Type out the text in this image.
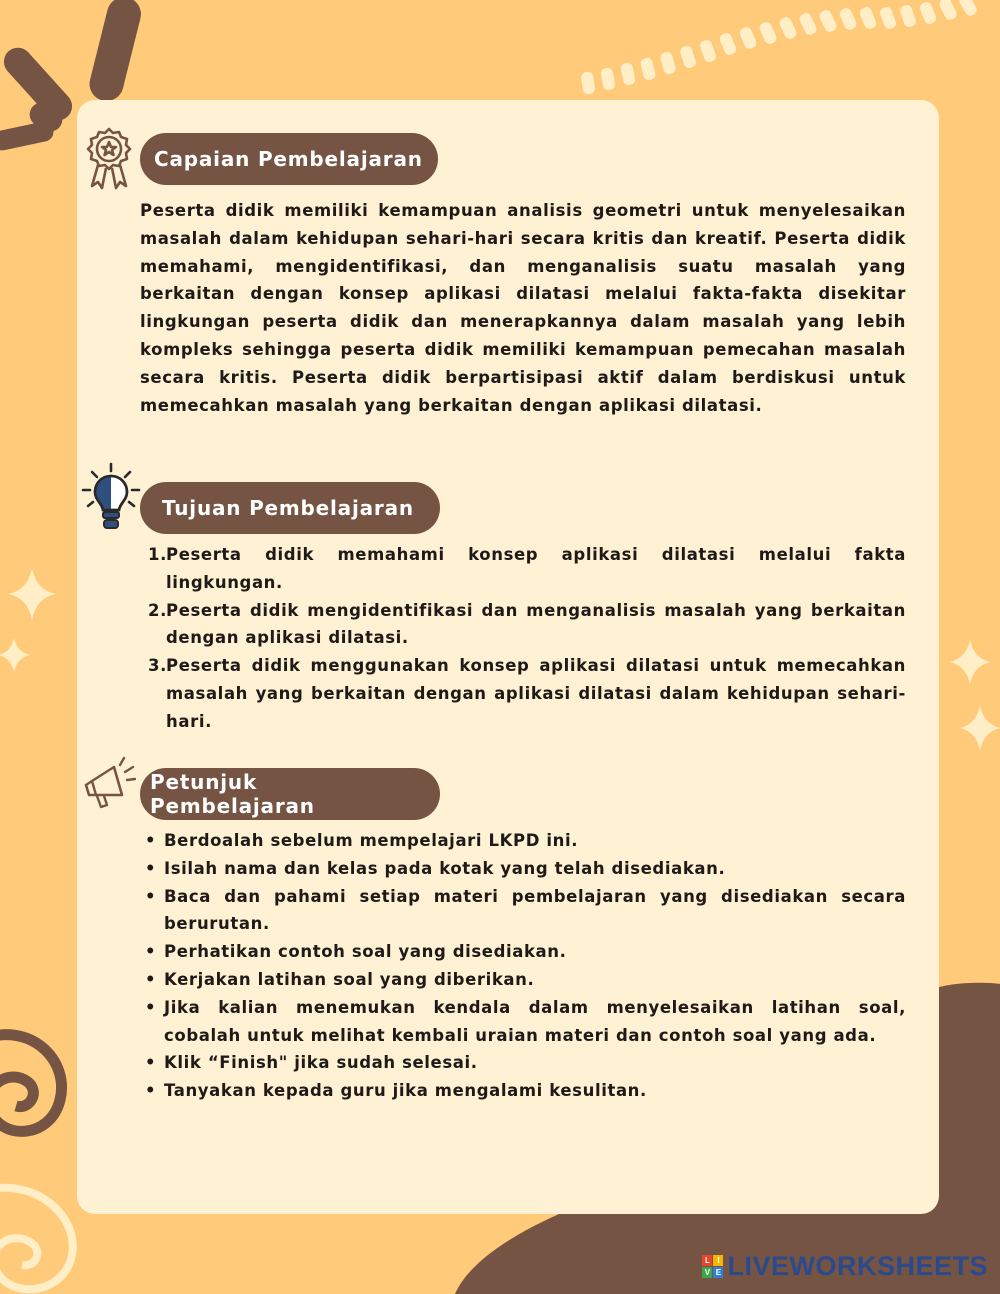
Capaian Pembelajaran

Peserta didik memiliki kemampuan analisis geometri untuk menyelesaikan masalah dalam kehidupan sehari-hari secara kritis dan kreatif. Peserta didik memahami, mengidentifikasi, dan menganalisis suatu masalah yang berkaitan dengan konsep aplikasi dilatasi melalui fakta-fakta disekitar lingkungan peserta didik dan menerapkannya dalam masalah yang lebih kompleks sehingga peserta didik memiliki kemampuan pemecahan masalah secara kritis. Peserta didik berpartisipasi aktif dalam berdiskusi untuk memecahkan masalah yang berkaitan dengan aplikasi dilatasi.

Tujuan Pembelajaran
1. Peserta didik memahami konsep aplikasi dilatasi melalui fakta lingkungan.
2. Peserta didik mengidentifikasi dan menganalisis masalah yang berkaitan dengan aplikasi dilatasi.
3. Peserta didik menggunakan konsep aplikasi dilatasi untuk memecahkan masalah yang berkaitan dengan aplikasi dilatasi dalam kehidupan sehari-hari.
Petunjuk Pembelajaran
• Berdoalah sebelum mempelajari LKPD ini.
• Isilah nama dan kelas pada kotak yang telah disediakan.
• Baca dan pahami setiap materi pembelajaran yang disediakan secara berurutan.
• Perhatikan contoh soal yang disediakan.
• Kerjakan latihan soal yang diberikan.
• Jika kalian menemukan kendala dalam menyelesaikan latihan soal, cobalah untuk melihat kembali uraian materi dan contoh soal yang ada.
• Klik “Finish" jika sudah selesai.
• Tanyakan kepada guru jika mengalami kesulitan.
L I
V E LIVEWORKSHEETS
